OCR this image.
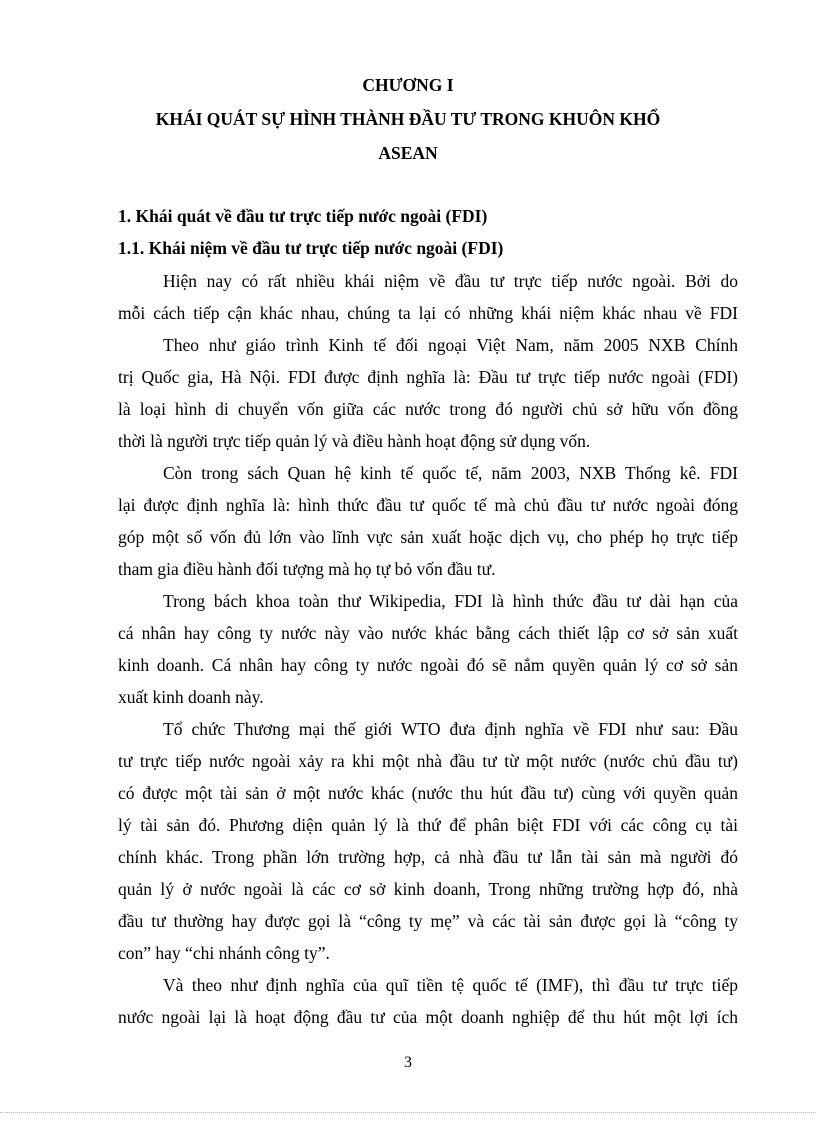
CHƯƠNG I
KHÁI QUÁT SỰ HÌNH THÀNH ĐẦU TƯ TRONG KHUÔN KHỔ
ASEAN
1. Khái quát về đầu tư trực tiếp nước ngoài (FDI)
1.1. Khái niệm về đầu tư trực tiếp nước ngoài (FDI)
Hiện nay có rất nhiều khái niệm về đầu tư trực tiếp nước ngoài. Bởi do
mỗi cách tiếp cận khác nhau, chúng ta lại có những khái niệm khác nhau về FDI
Theo như giáo trình Kinh tế đối ngoại Việt Nam, năm 2005 NXB Chính
trị Quốc gia, Hà Nội. FDI được định nghĩa là: Đầu tư trực tiếp nước ngoài (FDI)
là loại hình di chuyển vốn giữa các nước trong đó người chủ sở hữu vốn đồng
thời là người trực tiếp quản lý và điều hành hoạt động sử dụng vốn.
Còn trong sách Quan hệ kinh tế quốc tế, năm 2003, NXB Thống kê. FDI
lại được định nghĩa là: hình thức đầu tư quốc tế mà chủ đầu tư nước ngoài đóng
góp một số vốn đủ lớn vào lĩnh vực sản xuất hoặc dịch vụ, cho phép họ trực tiếp
tham gia điều hành đối tượng mà họ tự bỏ vốn đầu tư.
Trong bách khoa toàn thư Wikipedia, FDI là hình thức đầu tư dài hạn của
cá nhân hay công ty nước này vào nước khác bằng cách thiết lập cơ sở sản xuất
kinh doanh. Cá nhân hay công ty nước ngoài đó sẽ nắm quyền quản lý cơ sở sản
xuất kinh doanh này.
Tổ chức Thương mại thế giới WTO đưa định nghĩa về FDI như sau: Đầu
tư trực tiếp nước ngoài xảy ra khi một nhà đầu tư từ một nước (nước chủ đầu tư)
có được một tài sản ở một nước khác (nước thu hút đầu tư) cùng với quyền quản
lý tài sản đó. Phương diện quản lý là thứ để phân biệt FDI với các công cụ tài
chính khác. Trong phần lớn trường hợp, cả nhà đầu tư lẫn tài sản mà người đó
quản lý ở nước ngoài là các cơ sở kinh doanh, Trong những trường hợp đó, nhà
đầu tư thường hay được gọi là “công ty mẹ” và các tài sản được gọi là “công ty
con” hay “chi nhánh công ty”.
Và theo như định nghĩa của quĩ tiền tệ quốc tế (IMF), thì đầu tư trực tiếp
nước ngoài lại là hoạt động đầu tư của một doanh nghiệp để thu hút một lợi ích
3
